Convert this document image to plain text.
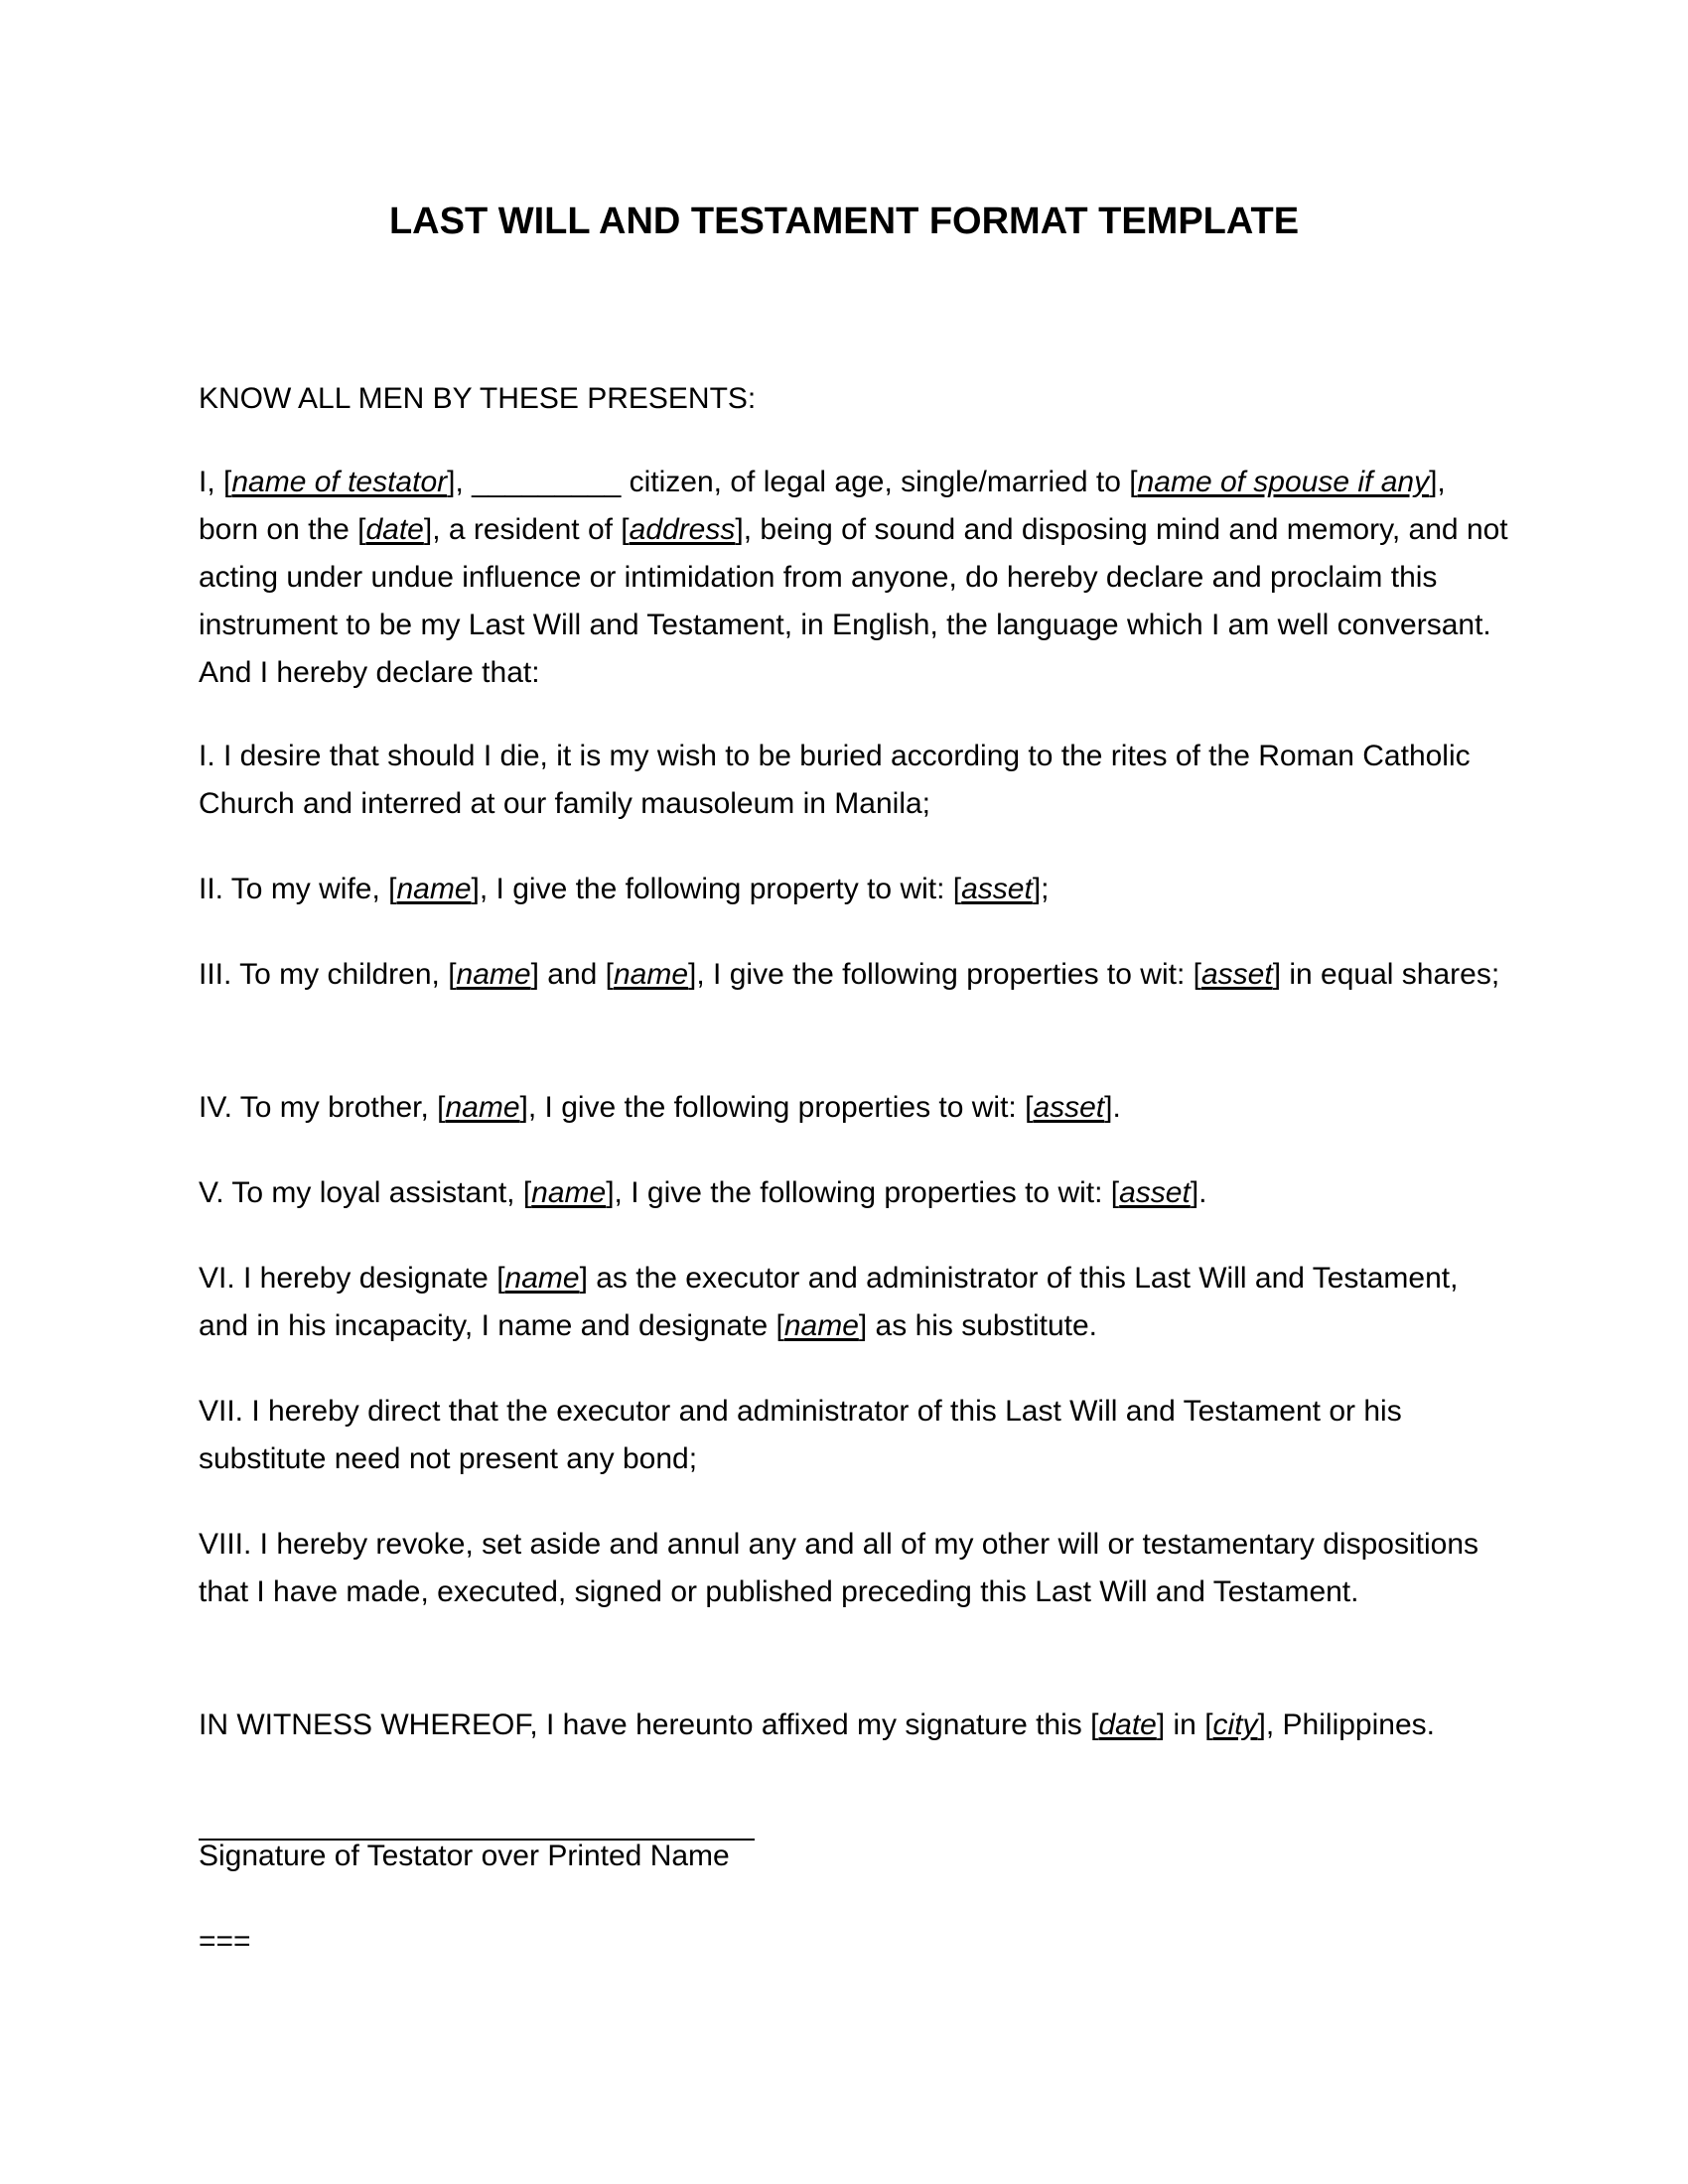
LAST WILL AND TESTAMENT FORMAT TEMPLATE

KNOW ALL MEN BY THESE PRESENTS:

I, [name of testator], _________ citizen, of legal age, single/married to [name of spouse if any], born on the [date], a resident of [address], being of sound and disposing mind and memory, and not acting under undue influence or intimidation from anyone, do hereby declare and proclaim this instrument to be my Last Will and Testament, in English, the language which I am well conversant. And I hereby declare that:

I. I desire that should I die, it is my wish to be buried according to the rites of the Roman Catholic Church and interred at our family mausoleum in Manila;

II. To my wife, [name], I give the following property to wit: [asset];

III. To my children, [name] and [name], I give the following properties to wit: [asset] in equal shares;

IV. To my brother, [name], I give the following properties to wit: [asset].

V. To my loyal assistant, [name], I give the following properties to wit: [asset].

VI. I hereby designate [name] as the executor and administrator of this Last Will and Testament, and in his incapacity, I name and designate [name] as his substitute.

VII. I hereby direct that the executor and administrator of this Last Will and Testament or his substitute need not present any bond;

VIII. I hereby revoke, set aside and annul any and all of my other will or testamentary dispositions that I have made, executed, signed or published preceding this Last Will and Testament.

IN WITNESS WHEREOF, I have hereunto affixed my signature this [date] in [city], Philippines.

Signature of Testator over Printed Name

===
